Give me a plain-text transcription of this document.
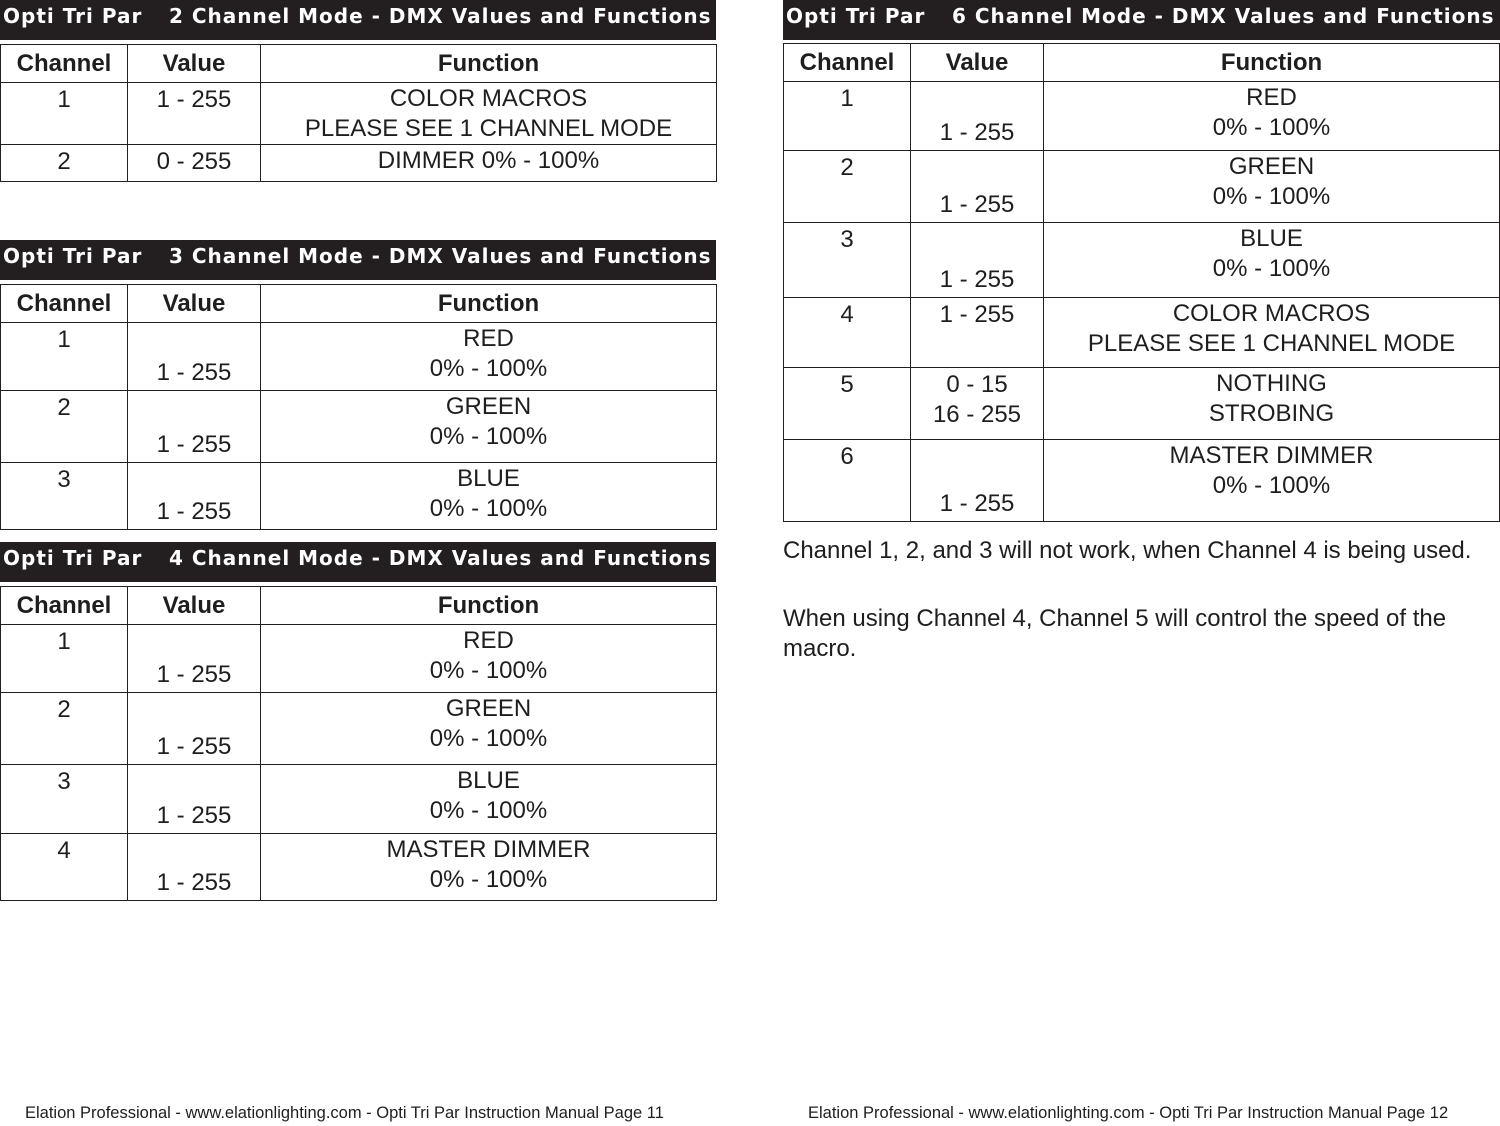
Opti Tri Par 2 Channel Mode - DMX Values and Functions
Channel	Value	Function
1	1 - 255	COLOR MACROS
PLEASE SEE 1 CHANNEL MODE

2	0 - 255	DIMMER 0% - 100%
Opti Tri Par 3 Channel Mode - DMX Values and Functions
Channel	Value	Function
1	1 - 255	RED
0% - 100%

2	1 - 255	GREEN
0% - 100%

3	1 - 255	BLUE
0% - 100%
Opti Tri Par 4 Channel Mode - DMX Values and Functions
Channel	Value	Function
1	1 - 255	RED
0% - 100%

2	1 - 255	GREEN
0% - 100%

3	1 - 255	BLUE
0% - 100%

4	1 - 255	MASTER DIMMER
0% - 100%
Opti Tri Par 6 Channel Mode - DMX Values and Functions
Channel	Value	Function
1	1 - 255	RED
0% - 100%

2	1 - 255	GREEN
0% - 100%

3	1 - 255	BLUE
0% - 100%

4	1 - 255	COLOR MACROS
PLEASE SEE 1 CHANNEL MODE

5	0 - 15
16 - 255	NOTHING
STROBING

6	1 - 255	MASTER DIMMER
0% - 100%

Channel 1, 2, and 3 will not work, when Channel 4 is being used.

When using Channel 4, Channel 5 will control the speed of the macro.

Elation Professional - www.elationlighting.com - Opti Tri Par Instruction Manual Page 11	Elation Professional - www.elationlighting.com - Opti Tri Par Instruction Manual Page 12
